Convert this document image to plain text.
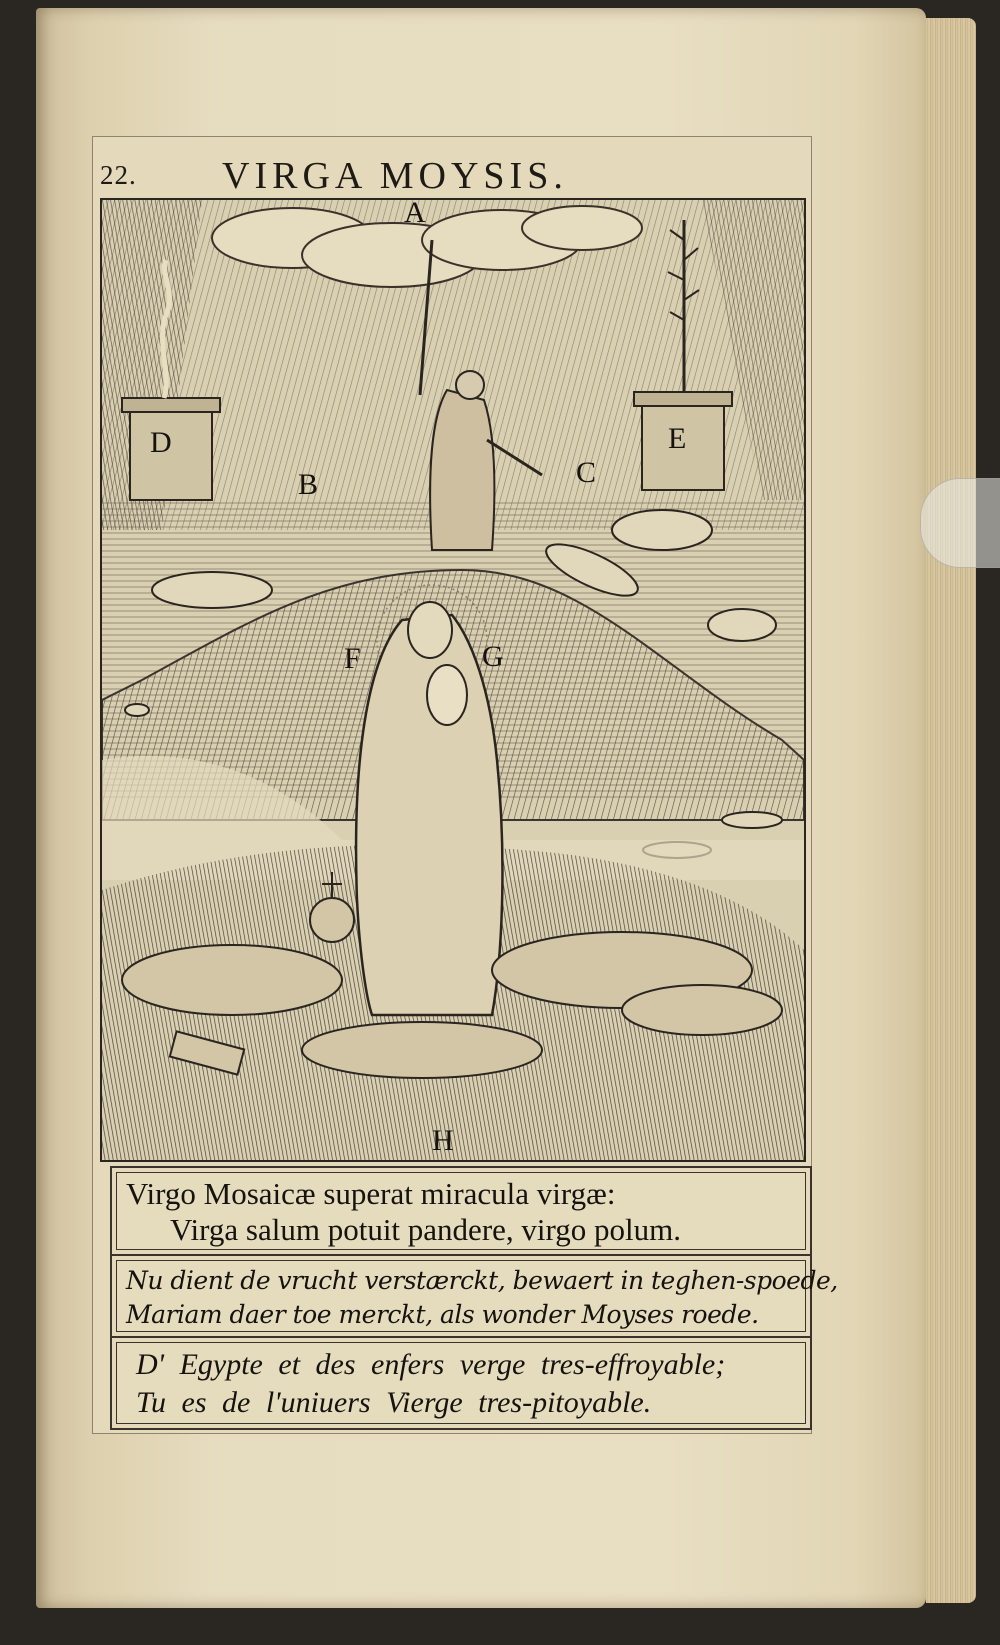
22. VIRGA MOYSIS.
A
B	C
D	E
F	G
H
Virgo Mosaicæ superat miracula virgæ:
Virga salum potuit pandere, virgo polum.
Nu dient de vrucht verstærckt, bewaert in teghen-spoede,
Mariam daer toe merckt, als wonder Moyses roede.
D' Egypte et des enfers verge tres-effroyable;
Tu es de l'uniuers Vierge tres-pitoyable.
